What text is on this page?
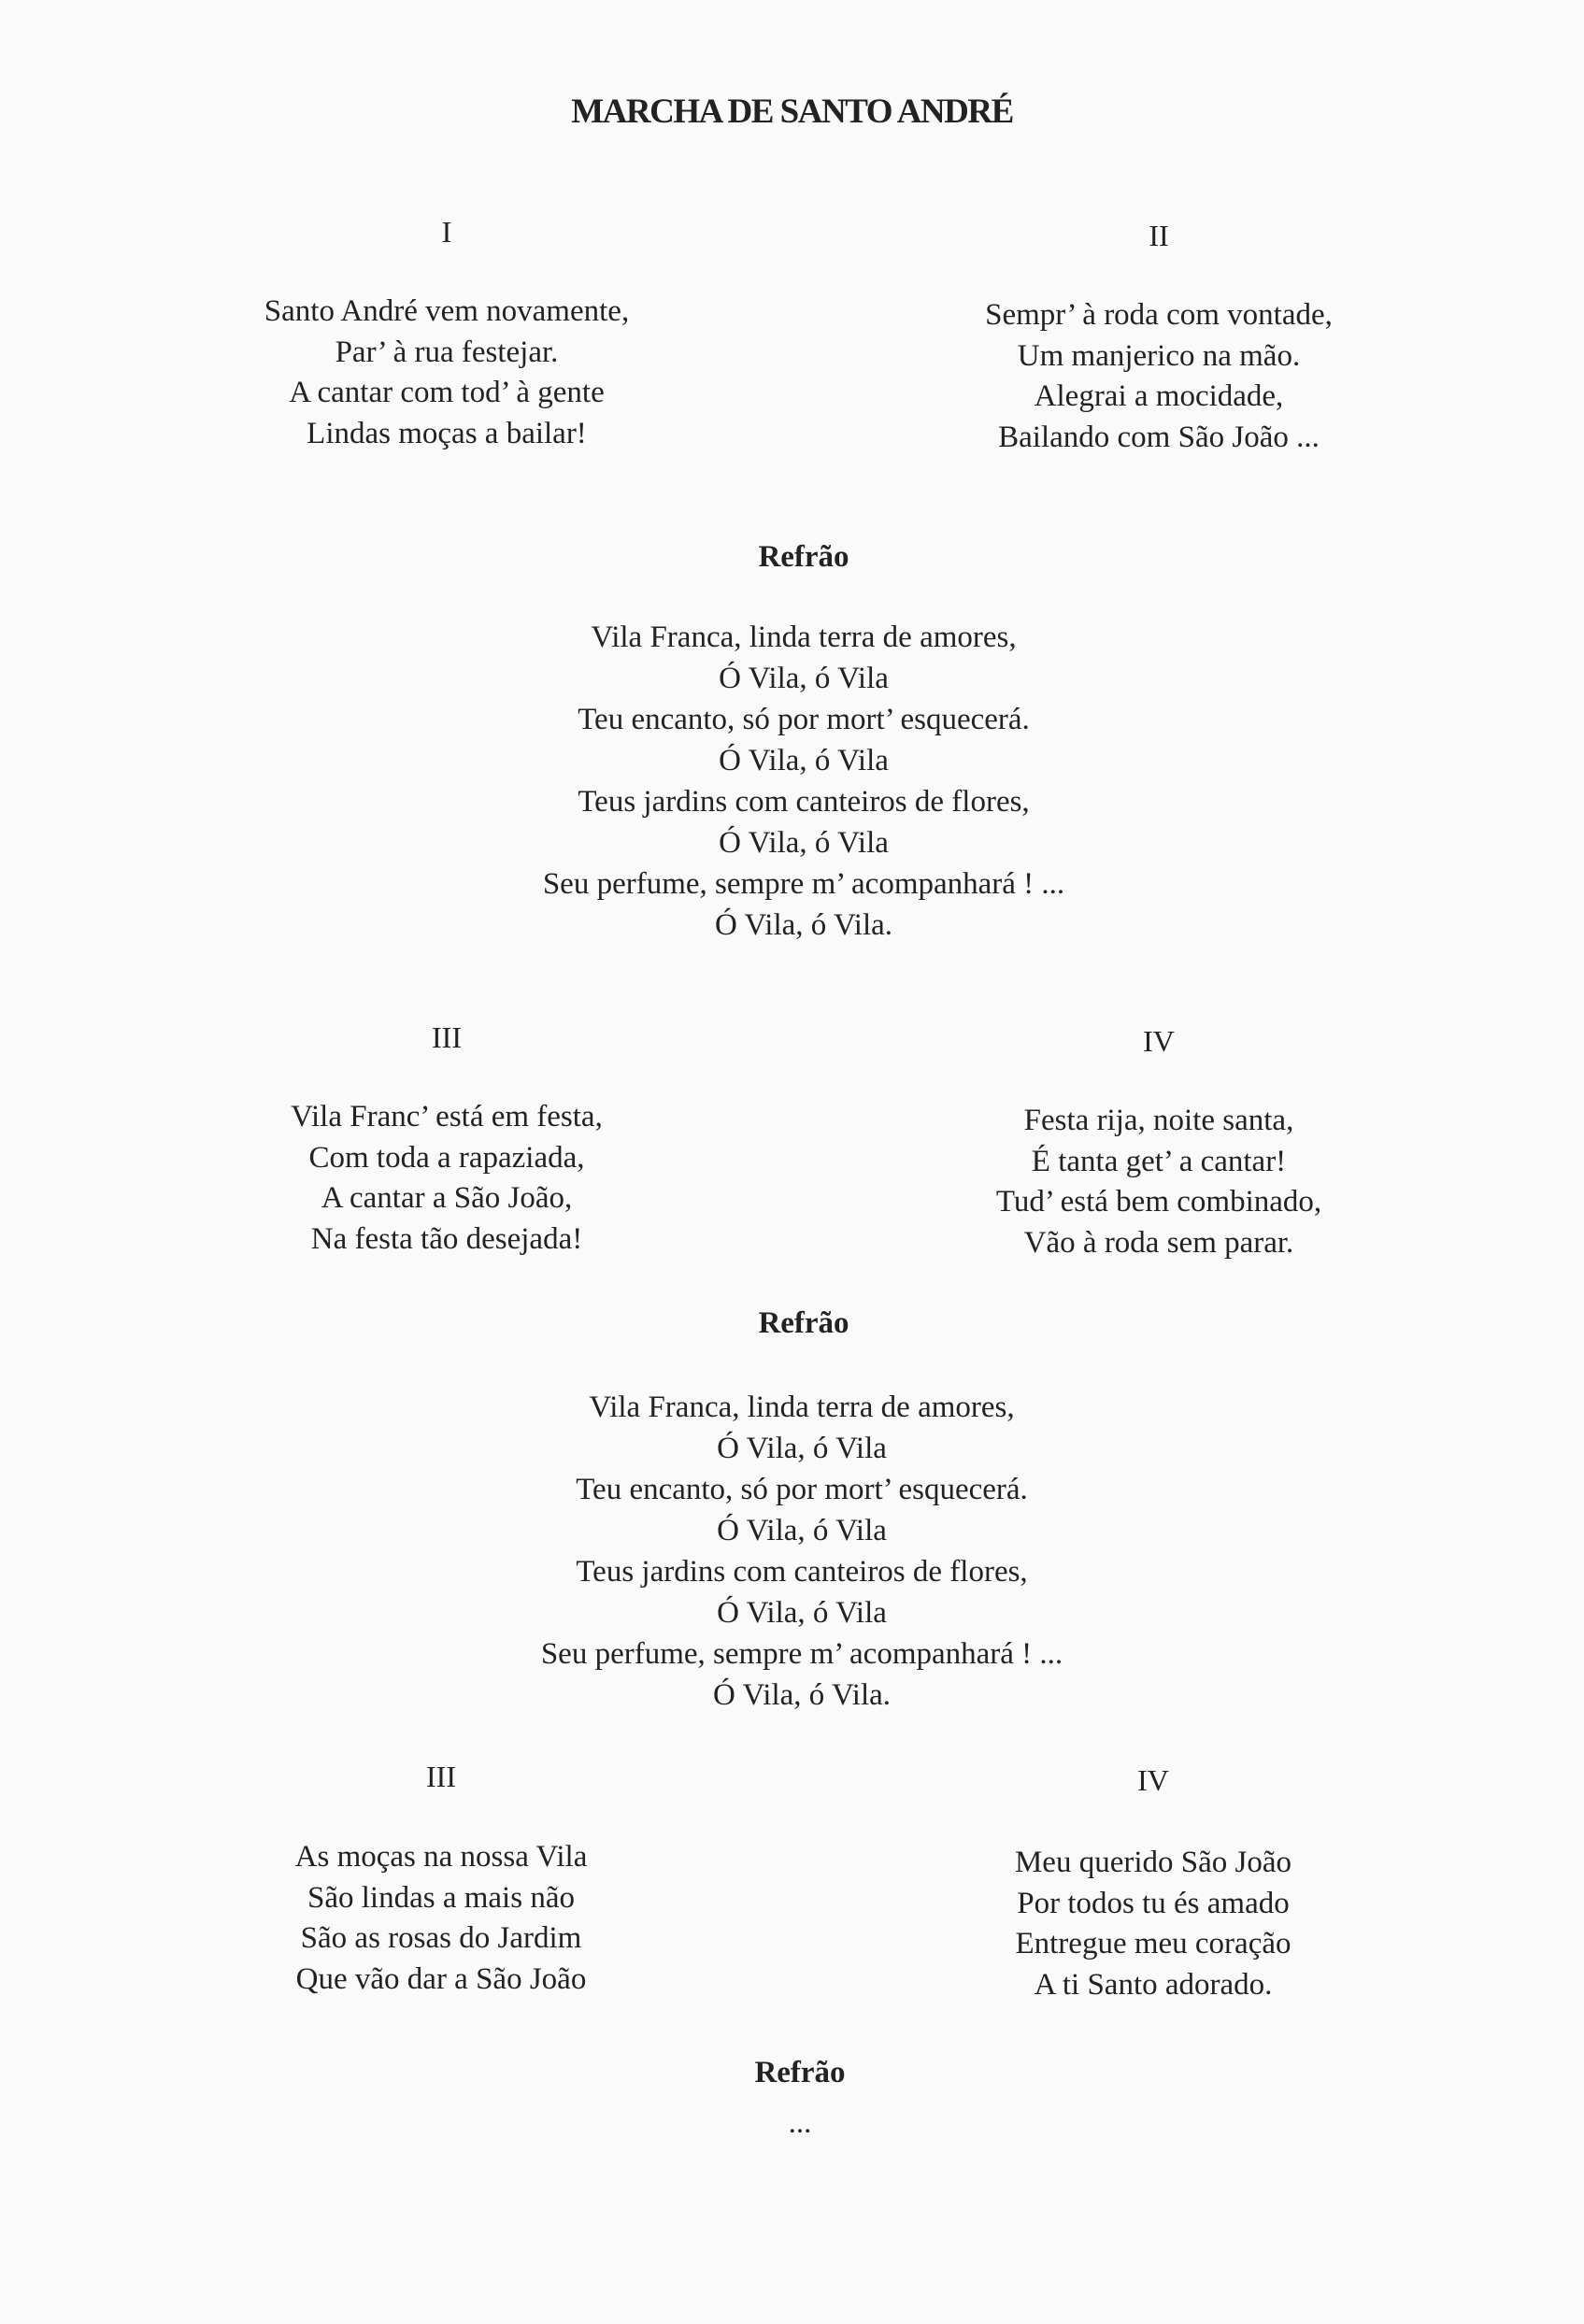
MARCHA DE SANTO ANDRÉ
I
Santo André vem novamente,
Par’ à rua festejar.
A cantar com tod’ à gente
Lindas moças a bailar!
II
Sempr’ à roda com vontade,
Um manjerico na mão.
Alegrai a mocidade,
Bailando com São João ...
Refrão
Vila Franca, linda terra de amores,
Ó Vila, ó Vila
Teu encanto, só por mort’ esquecerá.
Ó Vila, ó Vila
Teus jardins com canteiros de flores,
Ó Vila, ó Vila
Seu perfume, sempre m’ acompanhará ! ...
Ó Vila, ó Vila.
III
Vila Franc’ está em festa,
Com toda a rapaziada,
A cantar a São João,
Na festa tão desejada!
IV
Festa rija, noite santa,
É tanta get’ a cantar!
Tud’ está bem combinado,
Vão à roda sem parar.
Refrão
Vila Franca, linda terra de amores,
Ó Vila, ó Vila
Teu encanto, só por mort’ esquecerá.
Ó Vila, ó Vila
Teus jardins com canteiros de flores,
Ó Vila, ó Vila
Seu perfume, sempre m’ acompanhará ! ...
Ó Vila, ó Vila.
III
As moças na nossa Vila
São lindas a mais não
São as rosas do Jardim
Que vão dar a São João
IV
Meu querido São João
Por todos tu és amado
Entregue meu coração
A ti Santo adorado.
Refrão
...
